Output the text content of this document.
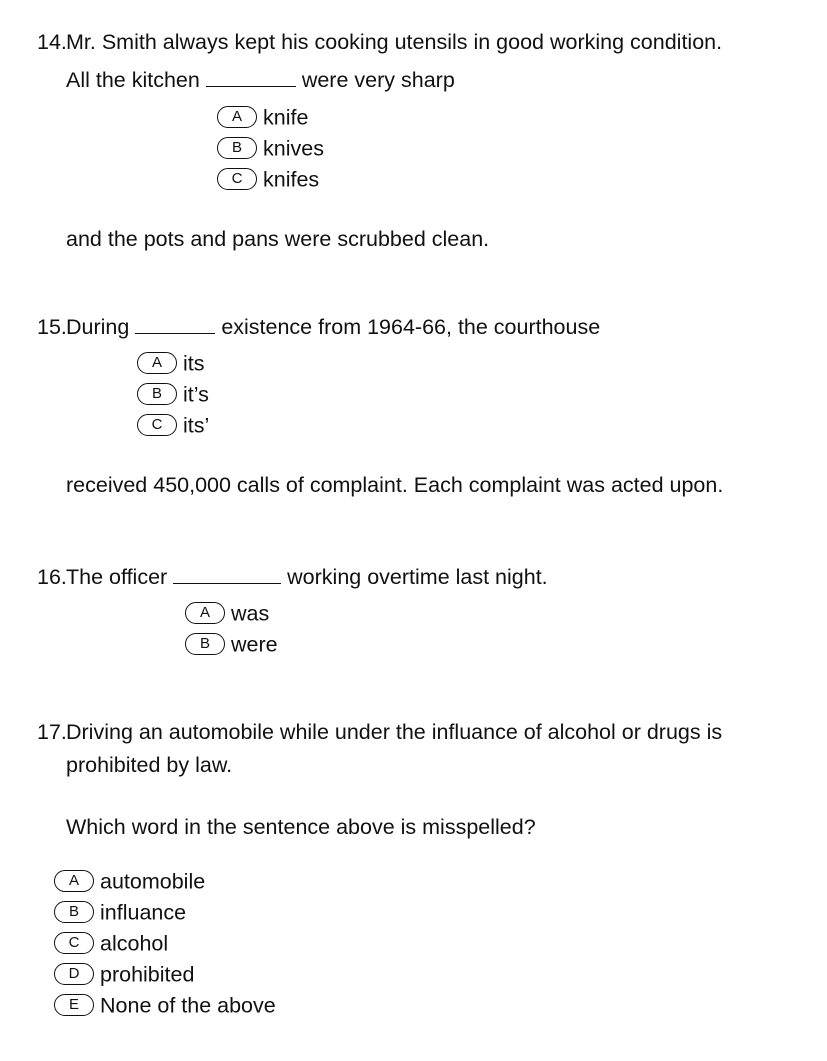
14. Mr. Smith always kept his cooking utensils in good working condition.
All the kitchen	were very sharp
A knife
B knives
C knifes
and the pots and pans were scrubbed clean.
15. During	existence from 1964-66, the courthouse
A its
B it’s
C its’
received 450,000 calls of complaint. Each complaint was acted upon.
16. The officer	working overtime last night.
A was
B were
17. Driving an automobile while under the influance of alcohol or drugs is
prohibited by law.
Which word in the sentence above is misspelled?
A automobile
B influance
C alcohol
D prohibited
E None of the above
